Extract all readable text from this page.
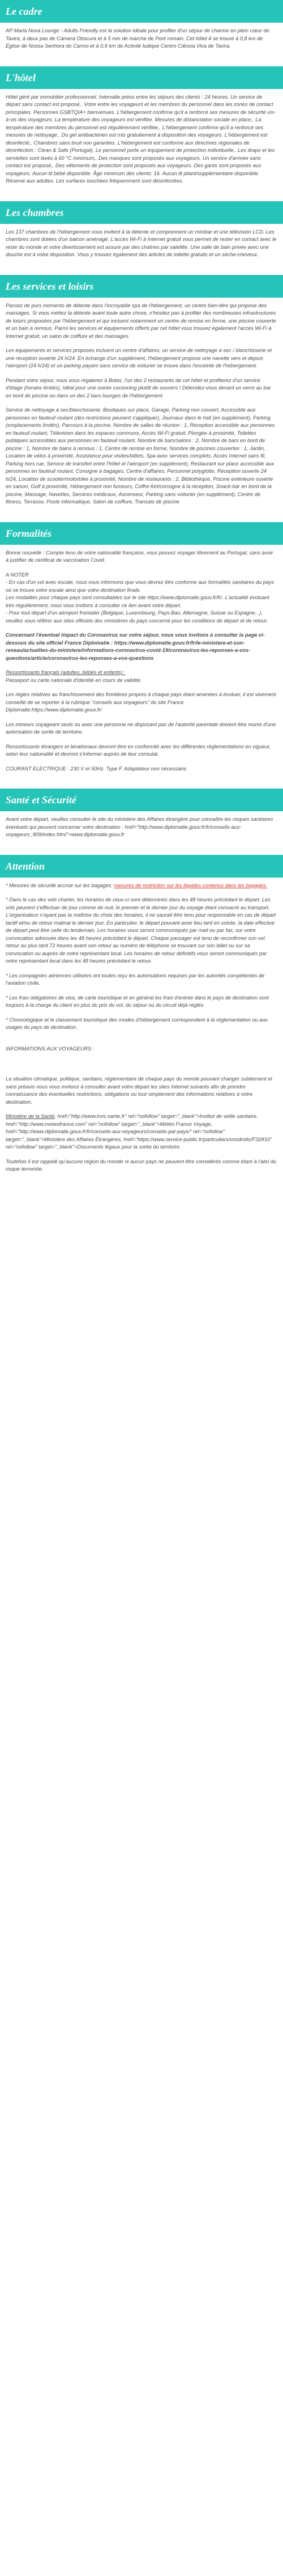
Le cadre

AP Maria Nova Lounge - Adults Friendly est la solution idéale pour profiter d'un séjour de charme en plein cœur de Tavira, à deux pas de Camera Obscura et à 5 min de marche de Pont romain. Cet hôtel 4 se trouve à 0,8 km de Église de Nossa Senhora do Carmo et à 0,9 km de Activité ludique Centro Ciência Viva de Tavira.

L'hôtel

Hôtel géré par immobilier professionnel. Intervalle prévu entre les séjours des clients : 24 heures. Un service de départ sans contact est proposé.. Votre entre les voyageurs et les membres du personnel dans les zones de contact principales. Personnes GSBTQIA+ bienvenues. L'hébergement confirme qu'il a renforcé ses mesures de sécurité vis-à-vis des voyageurs. La température des voyageurs est vérifiée. Mesures de distanciation sociale en place,. La température des membres du personnel est régulièrement vérifiée,. L'hébergement confirme qu'il a renforcé ses mesures de nettoyage.. Du gel antibactérien est mis gratuitement à disposition des voyageurs. L'hébergement est désinfecté,. Chambres sans bruit non garanties. L'hébergement est conforme aux directives régionales de désinfection : Clean & Safe (Portugal). Le personnel porte un équipement de protection individuelle,. Les draps et les serviettes sont lavés à 60 °C minimum,. Des masques sont proposés aux voyageurs. Un service d'arrivée sans contact est proposé,. Des vêtements de protection sont proposés aux voyageurs. Des gants sont proposés aux voyageurs. Aucun lit bébé disponible. Âge minimum des clients: 16. Aucun lit pliant/supplémentaire disponible. Réservé aux adultes. Les surfaces touchées fréquemment sont désinfectées.

Les chambres

Les 137 chambres de l'hébergement vous invitent à la détente et comprennent un minibar et une télévision LCD. Les chambres sont dotées d'un balcon aménagé. L'accès Wi-Fi à Internet gratuit vous permet de rester en contact avec le reste du monde et votre divertissement est assuré par des chaînes par satellite. Une salle de bain privée avec une douche est à votre disposition. Vous y trouvez également des articles de toilette gratuits et un sèche-cheveux.

Les services et loisirs

Passez de purs moments de détente dans l'incroyable spa de l'hébergement, un centre bien-être qui propose des massages. Si vous mettez la détente avant toute autre chose, n'hésitez pas à profiter des nombreuses infrastructures de loisirs proposées par l'hébergement et qui incluent notamment un centre de remise en forme, une piscine couverte et un bain à remous. Parmi les services et équipements offerts par cet hôtel vous trouvez également l'accès Wi-Fi à Internet gratuit, un salon de coiffure et des massages.

Les équipements et services proposés incluent un centre d'affaires, un service de nettoyage à sec / blanchisserie et une réception ouverte 24 h/24. En échange d'un supplément, l'hébergement propose une navette vers et depuis l'aéroport (24 h/24) et un parking payant sans service de voiturier se trouve dans l'enceinte de l'hébergement.

Pendant votre séjour, vous vous régalerez à Bolas, l'un des 2 restaurants de cet hôtel et profiterez d'un service d'étage (horaire limités). Idéal pour une soirée cocooning plutôt de souvers ! Détendez-vous devant un verre au bar en bord de piscine ou dans un des 2 bars lounges de l'hébergement.

Service de nettoyage à sec/blanchisserie, Boutiques sur place, Garage, Parking non couvert, Accessible aux personnes en fauteuil roulant (des restrictions peuvent s'appliquer), Journaux dans le hall (en supplément), Parking (emplacements limités), Parcours à la piscine, Nombre de salles de réunion : 1, Réception accessible aux personnes en fauteuil roulant, Télévision dans les espaces communs, Accès Wi-Fi gratuit, Plongée à proximité, Toilettes publiques accessibles aux personnes en fauteuil roulant, Nombre de bars/salons : 2, Nombre de bars en bord de piscine : 1, Nombre de bains à remous : 1, Centre de remise en forme, Nombre de piscines couvertes : 1, Jardin, Location de vélos à proximité, Assistance pour visites/billets, Spa avec services complets, Accès Internet sans fil, Parking hors rue, Service de transfert entre l'hôtel et l'aéroport (en supplément), Restaurant sur place accessible aux personnes en fauteuil roulant, Consigne à bagages, Centre d'affaires, Personnel polyglotte, Réception ouverte 24 h/24, Location de scooter/motorbike à proximité, Nombre de restaurants : 2, Bibliothèque, Piscine extérieure ouverte en saison, Golf à proximité, Hébergement non fumeurs, Coffre-fort/consigne à la réception, Snack-bar en bord de la piscine, Massage, Navettes, Services médicaux, Ascenseur, Parking sans voiturier (en supplément), Centre de fitness, Terrasse, Poste informatique, Salon de coiffure, Transats de piscine

Formalités

Bonne nouvelle : Compte tenu de votre nationalité française, vous pouvez voyager librement au Portugal, sans avoir à justifier de certificat de vaccination Covid.

A NOTER
- En cas d'un vol avec escale, nous vous informons que vous devrez être conforme aux formalités sanitaires du pays où se trouve votre escale ainsi que votre destination finale.
Les modalités pour chaque pays sont consultables sur le site https://www.diplomatie.gouv.fr/fr/. L'actualité évoluant très régulièrement, nous vous invitons à consulter ce lien avant votre départ.
- Pour tout départ d'un aéroport frontalier (Belgique, Luxembourg, Pays-Bas, Allemagne, Suisse ou Espagne...), veuillez vous référer aux sites officiels des ministères du pays concerné pour les conditions de départ et de retour.

Concernant l'éventuel impact du Coronavirus sur votre séjour, nous vous invitons à consulter la page ci-dessous du site officiel France Diplomatie : https://www.diplomatie.gouv.fr/fr/le-ministere-et-son-reseau/actualites-du-ministere/informations-coronavirus-covid-19/coronavirus-les-reponses-a-vos-questions/article/coronavirus-les-reponses-a-vos-questions

Ressortissants français (adultes, bébés et enfants) :
Passeport ou carte nationale d'identité en cours de validité.

Les règles relatives au franchissement des frontières propres à chaque pays étant amenées à évoluer, il est vivement conseillé de se reporter à la rubrique "conseils aux voyageurs" du site France Diplomatie:https://www.diplomatie.gouv.fr/

Les mineurs voyageant seuls ou avec une personne ne disposant pas de l'autorité parentale doivent être munis d'une autorisation de sortie de territoire.

Ressortissants étrangers et binationaux devront être en conformité avec les différentes réglementations en vigueur, selon leur nationalité et devront s'informer auprès de leur consulat.

COURANT ELECTRIQUE : 230 V et 50Hz. Type F. Adaptateur non nécessaire.

Santé et Sécurité

Avant votre départ, veuillez consulter le site du ministère des Affaires étrangère pour connaître les risques sanitaires éventuels qui peuvent concerner votre destination : href="http://www.diplomatie.gouv.fr/fr/conseils-aux-voyageurs_909/index.html">www.diplomatie.gouv.fr

Attention

* Mesures de sécurité accrue sur les bagages: mesures de restriction sur les liquides contenus dans les bagages.

* Dans le cas des vols charter, les horaires de ceux-ci sont déterminés dans les 48 heures précédant le départ. Les vols peuvent s'effectuer de jour comme de nuit, le premier et le dernier jour du voyage étant consacré au transport. L'organisateur n'ayant pas la maîtrise du choix des horaires, il ne saurait être tenu pour responsable en cas de départ tardif et/ou de retour matinal le dernier jour. En particulier, le départ pouvant avoir lieu tard en soirée, la date effective de départ peut être celle du lendemain. Les horaires vous seront communiqués par mail ou par fax, sur votre convocation adressée dans les 48 heures précédant le départ. Chaque passager est tenu de reconfirmer son vol retour au plus tard 72 heures avant son retour au numéro de téléphone se trouvant sur son billet ou sur sa convocation ou auprès de notre représentant local. Les horaires de retour définitifs vous seront communiqués par notre représentant local dans les 48 heures précédant le retour.

* Les compagnies aériennes utilisées ont toutes reçu les autorisations requises par les autorités compétentes de l'aviation civile.

* Les frais obligatoires de visa, de carte touristique et en général les frais d'entrée dans le pays de destination sont toujours à la charge du client en plus du prix du vol, du séjour ou du circuit déjà réglés.

* Chronologique et le classement touristique des modes d'hébergement correspondent à la réglementation ou aux usages du pays de destination.

INFORMATIONS AUX VOYAGEURS :

La situation climatique, politique, sanitaire, réglementaire de chaque pays du monde pouvant changer subitement et sans préavis nous vous invitons à consulter avant votre départ les sites Internet suivants afin de prendre connaissance des éventuelles restrictions, obligations ou tout simplement des informations relatives à votre destination.

Ministère de la Santé, href="http://www.invs.sante.fr" rel="nofollow" target="_blank">Institut de veille sanitaire, href="http://www.meteofrance.com" rel="nofollow" target="_blank">Météo France Voyage, href="http://www.diplomatie.gouv.fr/fr/conseils-aux-voyageurs/conseils-par-pays/" rel="nofollow" target="_blank">Ministère des Affaires Étrangères, href="https://www.service-public.fr/particuliers/vosdroits/F32833" rel="nofollow" target="_blank">Documents légaux pour la sortie du territoire.

Toutefois il est rappelé qu'aucune région du monde ni aucun pays ne peuvent être considérés comme étant à l'abri du risque terroriste.
